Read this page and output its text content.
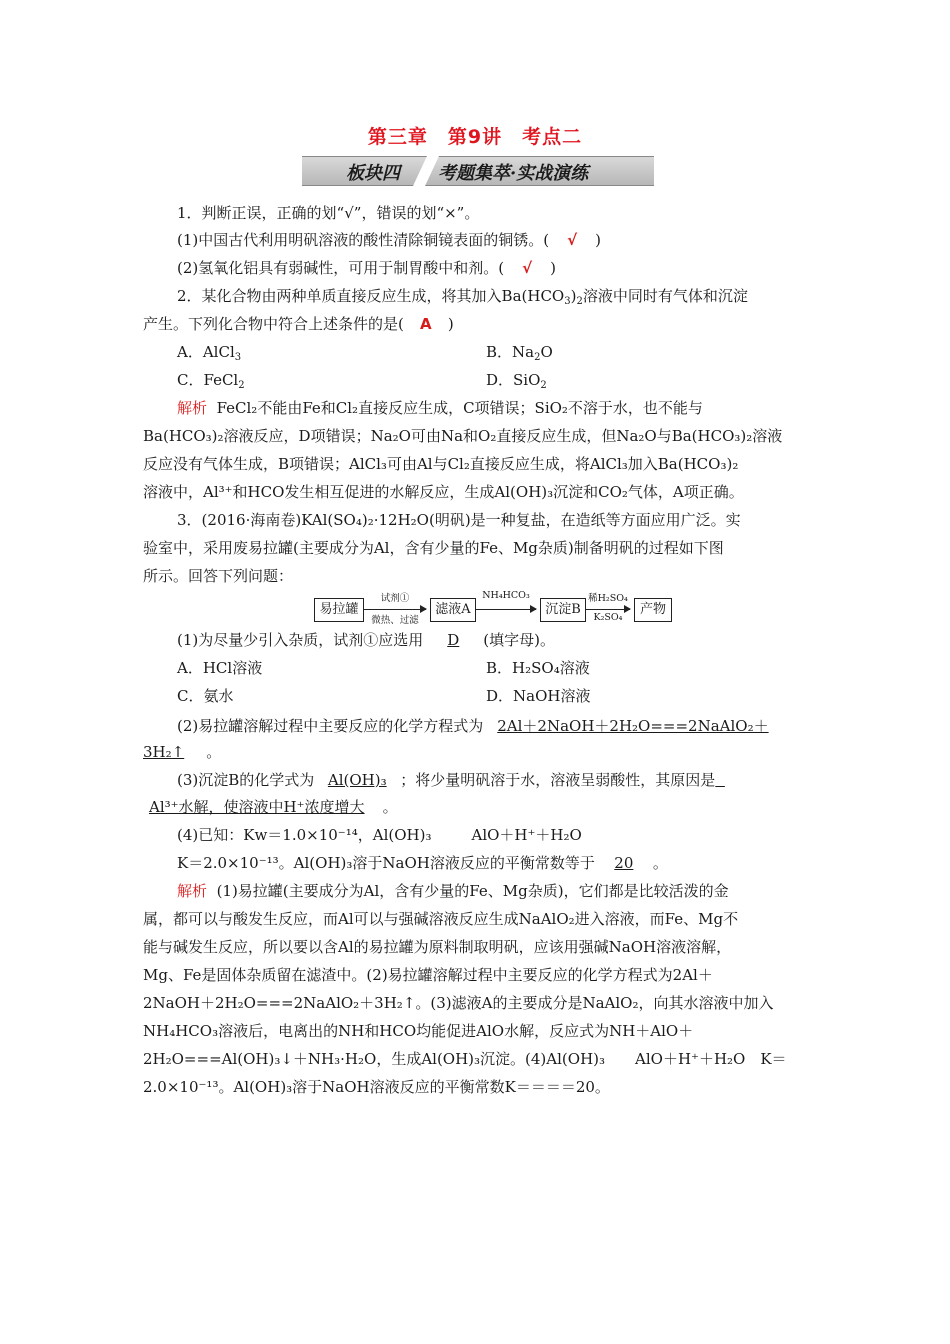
第三章　第9讲　考点二
板块四 考题集萃·实战演练
1．判断正误，正确的划“√”，错误的划“×”。
(1)中国古代利用明矾溶液的酸性清除铜镜表面的铜锈。( √ )
(2)氢氧化铝具有弱碱性，可用于制胃酸中和剂。( √ )
2．某化合物由两种单质直接反应生成，将其加入$Ba(HCO_3)_2$溶液中同时有气体和沉淀
产生。下列化合物中符合上述条件的是( A )
A．AlCl$_3$	B．$Na_2O$
C．FeCl$_2$	D．SiO$_2$
解析 FeCl₂不能由Fe和Cl₂直接反应生成，C项错误；SiO₂不溶于水，也不能与
Ba(HCO₃)₂溶液反应，D项错误；Na₂O可由Na和O₂直接反应生成，但Na₂O与Ba(HCO₃)₂溶液
反应没有气体生成，B项错误；AlCl₃可由Al与Cl₂直接反应生成，将AlCl₃加入Ba(HCO₃)₂
溶液中，Al³⁺和HCO发生相互促进的水解反应，生成Al(OH)₃沉淀和CO₂气体，A项正确。
3．(2016·海南卷)KAl(SO₄)₂·12H₂O(明矾)是一种复盐，在造纸等方面应用广泛。实
验室中，采用废易拉罐(主要成分为Al，含有少量的Fe、Mg杂质)制备明矾的过程如下图
所示。回答下列问题：
易拉罐
试剂①
微热、过滤
滤液A
NH₄HCO₃
沉淀B
稀H₂SO₄
K₂SO₄
产物
(1)为尽量少引入杂质，试剂①应选用 D (填字母)。
A．HCl溶液	B．H₂SO₄溶液
C．氨水	D．NaOH溶液
(2)易拉罐溶解过程中主要反应的化学方程式为 2Al＋2NaOH＋2H₂O===2NaAlO₂＋
3H₂↑ 。
(3)沉淀B的化学式为 Al(OH)₃ ；将少量明矾溶于水，溶液呈弱酸性，其原因是
Al³⁺水解，使溶液中H⁺浓度增大 。
(4)已知：Kw＝1.0×10⁻¹⁴，Al(OH)₃	AlO＋H⁺＋H₂O
K＝2.0×10⁻¹³。Al(OH)₃溶于NaOH溶液反应的平衡常数等于 20 。
解析 (1)易拉罐(主要成分为Al，含有少量的Fe、Mg杂质)，它们都是比较活泼的金
属，都可以与酸发生反应，而Al可以与强碱溶液反应生成NaAlO₂进入溶液，而Fe、Mg不
能与碱发生反应，所以要以含Al的易拉罐为原料制取明矾，应该用强碱NaOH溶液溶解，
Mg、Fe是固体杂质留在滤渣中。(2)易拉罐溶解过程中主要反应的化学方程式为2Al＋
2NaOH＋2H₂O===2NaAlO₂＋3H₂↑。(3)滤液A的主要成分是NaAlO₂，向其水溶液中加入
NH₄HCO₃溶液后，电离出的NH和HCO均能促进AlO水解，反应式为NH＋AlO＋
2H₂O===Al(OH)₃↓＋NH₃·H₂O，生成Al(OH)₃沉淀。(4)Al(OH)₃　　AlO＋H⁺＋H₂O　K＝
2.0×10⁻¹³。Al(OH)₃溶于NaOH溶液反应的平衡常数K＝＝＝＝20。
